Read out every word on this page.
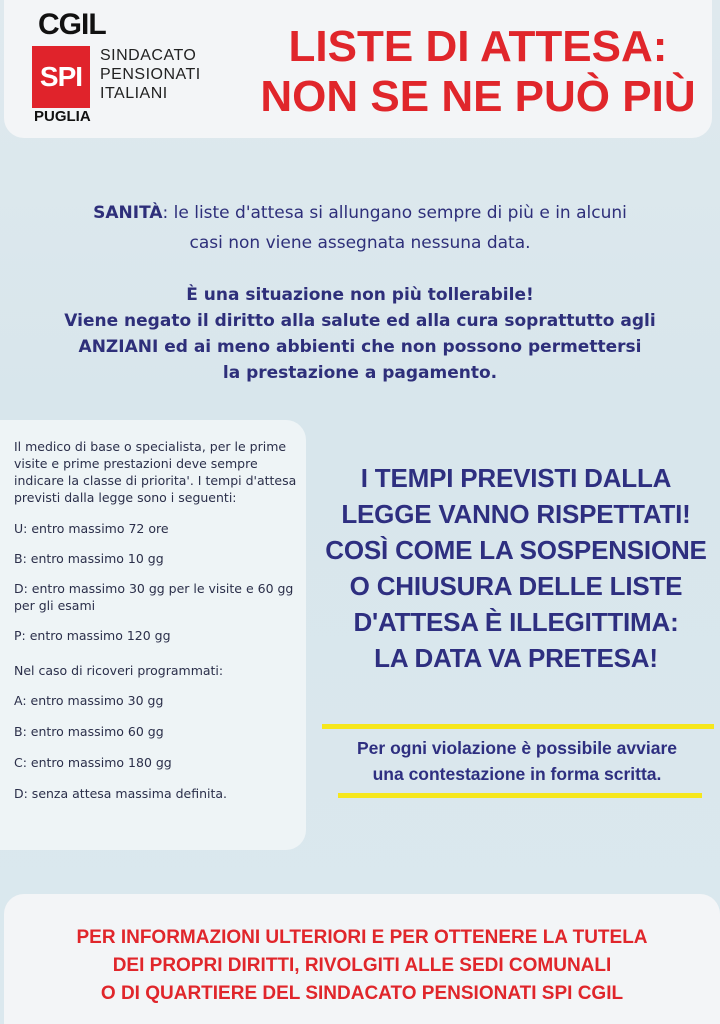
CGIL
SPI
PUGLIA
SINDACATO
PENSIONATI
ITALIANI
LISTE DI ATTESA:
NON SE NE PUÒ PIÙ
SANITÀ: le liste d'attesa si allungano sempre di più e in alcuni
casi non viene assegnata nessuna data.
È una situazione non più tollerabile!
Viene negato il diritto alla salute ed alla cura soprattutto agli
ANZIANI ed ai meno abbienti che non possono permettersi
la prestazione a pagamento.

Il medico di base o specialista, per le prime visite e prime prestazioni deve sempre indicare la classe di priorita'. I tempi d'attesa previsti dalla legge sono i seguenti:

U: entro massimo 72 ore

B: entro massimo 10 gg

D: entro massimo 30 gg per le visite e 60 gg per gli esami

P: entro massimo 120 gg

Nel caso di ricoveri programmati:

A: entro massimo 30 gg

B: entro massimo 60 gg

C: entro massimo 180 gg

D: senza attesa massima definita.

I TEMPI PREVISTI DALLA
LEGGE VANNO RISPETTATI!
COSÌ COME LA SOSPENSIONE
O CHIUSURA DELLE LISTE
D'ATTESA È ILLEGITTIMA:
LA DATA VA PRETESA!
Per ogni violazione è possibile avviare
una contestazione in forma scritta.
PER INFORMAZIONI ULTERIORI E PER OTTENERE LA TUTELA
DEI PROPRI DIRITTI, RIVOLGITI ALLE SEDI COMUNALI
O DI QUARTIERE DEL SINDACATO PENSIONATI SPI CGIL
